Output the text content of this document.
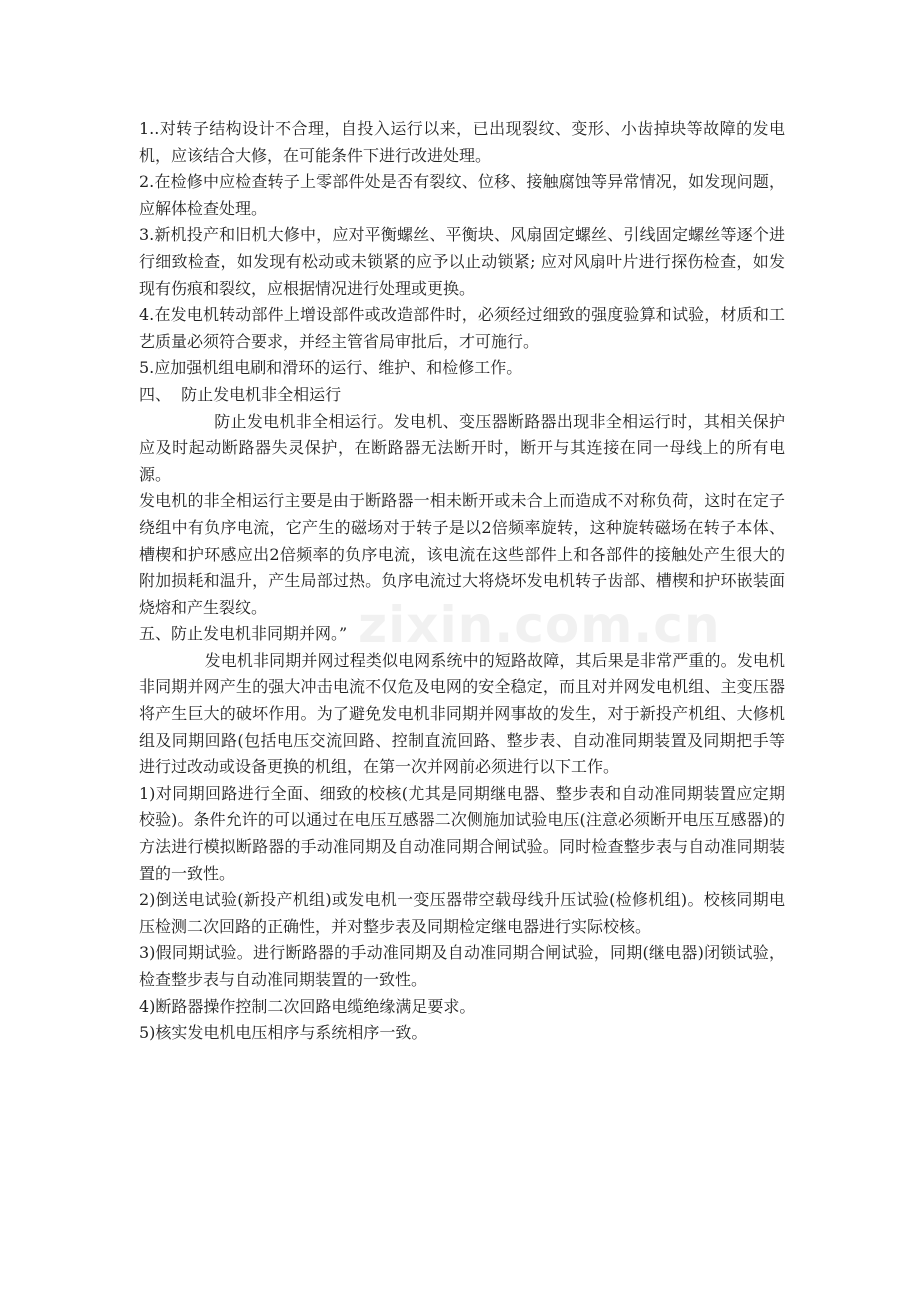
1..对转子结构设计不合理，自投入运行以来，已出现裂纹、变形、小齿掉块等故障的发电机，应该结合大修，在可能条件下进行改进处理。

2.在检修中应检查转子上零部件处是否有裂纹、位移、接触腐蚀等异常情况，如发现问题，应解体检查处理。

3.新机投产和旧机大修中，应对平衡螺丝、平衡块、风扇固定螺丝、引线固定螺丝等逐个进行细致检查，如发现有松动或未锁紧的应予以止动锁紧; 应对风扇叶片进行探伤检查，如发现有伤痕和裂纹，应根据情况进行处理或更换。

4.在发电机转动部件上增设部件或改造部件时，必须经过细致的强度验算和试验，材质和工艺质量必须符合要求，并经主管省局审批后，才可施行。

5.应加强机组电刷和滑环的运行、维护、和检修工作。

四、  防止发电机非全相运行

防止发电机非全相运行。发电机、变压器断路器出现非全相运行时，其相关保护应及时起动断路器失灵保护，在断路器无法断开时，断开与其连接在同一母线上的所有电源。

发电机的非全相运行主要是由于断路器一相未断开或未合上而造成不对称负荷，这时在定子绕组中有负序电流，它产生的磁场对于转子是以2倍频率旋转，这种旋转磁场在转子本体、槽楔和护环感应出2倍频率的负序电流，该电流在这些部件上和各部件的接触处产生很大的附加损耗和温升，产生局部过热。负序电流过大将烧坏发电机转子齿部、槽楔和护环嵌装面烧熔和产生裂纹。

五、防止发电机非同期并网。”

发电机非同期并网过程类似电网系统中的短路故障，其后果是非常严重的。发电机非同期并网产生的强大冲击电流不仅危及电网的安全稳定，而且对并网发电机组、主变压器将产生巨大的破坏作用。为了避免发电机非同期并网事故的发生，对于新投产机组、大修机组及同期回路(包括电压交流回路、控制直流回路、整步表、自动准同期装置及同期把手等进行过改动或设备更换的机组，在第一次并网前必须进行以下工作。

1)对同期回路进行全面、细致的校核(尤其是同期继电器、整步表和自动准同期装置应定期校验)。条件允许的可以通过在电压互感器二次侧施加试验电压(注意必须断开电压互感器)的方法进行模拟断路器的手动准同期及自动准同期合闸试验。同时检查整步表与自动准同期装置的一致性。

2)倒送电试验(新投产机组)或发电机一变压器带空载母线升压试验(检修机组)。校核同期电压检测二次回路的正确性，并对整步表及同期检定继电器进行实际校核。

3)假同期试验。进行断路器的手动准同期及自动准同期合闸试验，同期(继电器)闭锁试验，检查整步表与自动准同期装置的一致性。

4)断路器操作控制二次回路电缆绝缘满足要求。

5)核实发电机电压相序与系统相序一致。

zixin.com.cn
